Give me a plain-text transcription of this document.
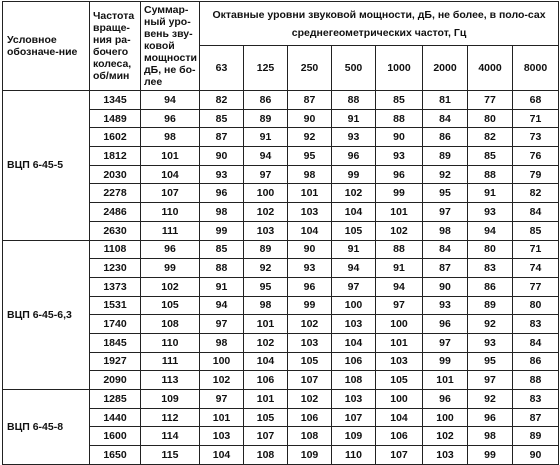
Условное обозначе-ние	Частота враще-ния ра-бочего колеса, об/мин	Суммар-ный уро-вень зву-ковой мощности дБ, не бо-лее	Октавные уровни звуковой мощности, дБ, не более, в поло-сах среднегеометрических частот, Гц							
			63	125	250	500	1000	2000	4000	8000
ВЦП 6-45-5	1345	94	82	86	87	88	85	81	77	68
	1489	96	85	89	90	91	88	84	80	71
	1602	98	87	91	92	93	90	86	82	73
	1812	101	90	94	95	96	93	89	85	76
	2030	104	93	97	98	99	96	92	88	79
	2278	107	96	100	101	102	99	95	91	82
	2486	110	98	102	103	104	101	97	93	84
	2630	111	99	103	104	105	102	98	94	85
ВЦП 6-45-6,3	1108	96	85	89	90	91	88	84	80	71
	1230	99	88	92	93	94	91	87	83	74
	1373	102	91	95	96	97	94	90	86	77
	1531	105	94	98	99	100	97	93	89	80
	1740	108	97	101	102	103	100	96	92	83
	1845	110	98	102	103	104	101	97	93	84
	1927	111	100	104	105	106	103	99	95	86
	2090	113	102	106	107	108	105	101	97	88
ВЦП 6-45-8	1285	109	97	101	102	103	100	96	92	83
	1440	112	101	105	106	107	104	100	96	87
	1600	114	103	107	108	109	106	102	98	89
	1650	115	104	108	109	110	107	103	99	90
